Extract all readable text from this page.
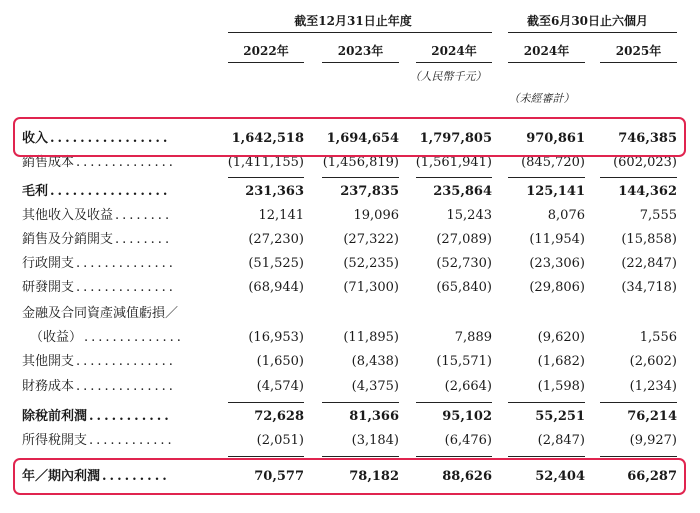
截至12月31日止年度	截至6月30日止六個月
2022年	2023年	2024年	2024年	2025年
（人民幣千元）
（未經審計）
收入 ................	1,642,518	1,694,654	1,797,805	970,861	746,385
銷售成本 ..............	(1,411,155)	(1,456,819)	(1,561,941)	(845,720)	(602,023)
毛利 ................	231,363	237,835	235,864	125,141	144,362
其他收入及收益 ........	12,141	19,096	15,243	8,076	7,555
銷售及分銷開支 ........	(27,230)	(27,322)	(27,089)	(11,954)	(15,858)
行政開支 ..............	(51,525)	(52,235)	(52,730)	(23,306)	(22,847)
研發開支 ..............	(68,944)	(71,300)	(65,840)	(29,806)	(34,718)
金融及合同資產減值虧損／
（收益） ..............	(16,953)	(11,895)	7,889	(9,620)	1,556
其他開支 ..............	(1,650)	(8,438)	(15,571)	(1,682)	(2,602)
財務成本 ..............	(4,574)	(4,375)	(2,664)	(1,598)	(1,234)
除稅前利潤 ...........	72,628	81,366	95,102	55,251	76,214
所得稅開支 ............	(2,051)	(3,184)	(6,476)	(2,847)	(9,927)
年／期內利潤 .........	70,577	78,182	88,626	52,404	66,287
